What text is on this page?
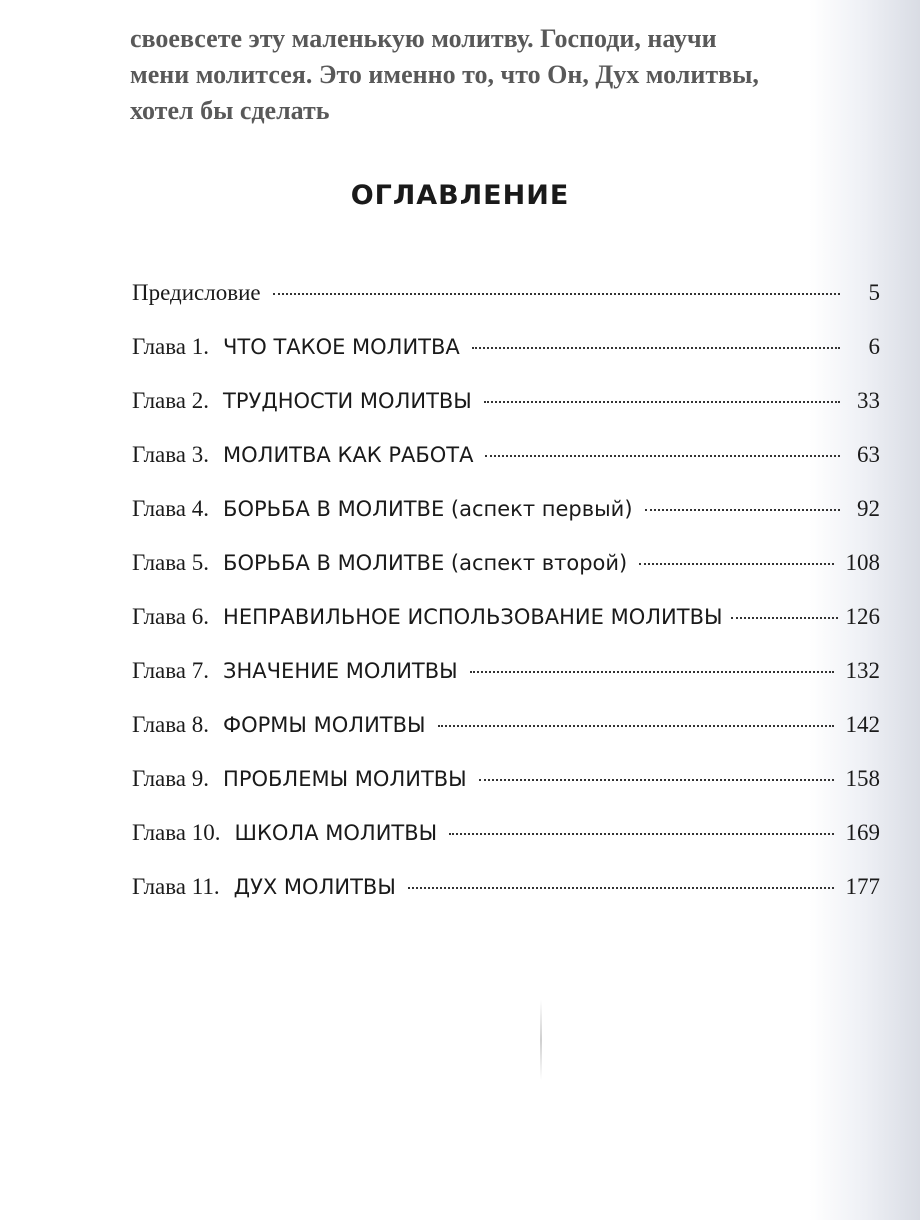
своевсете эту маленькую молитву. Господи, научи
мени молитсея. Это именно то, что Он, Дух молитвы,
хотел бы сделать
ОГЛАВЛЕНИЕ
Предисловие	5
Глава 1. ЧТО ТАКОЕ МОЛИТВА	6
Глава 2. ТРУДНОСТИ МОЛИТВЫ	33
Глава 3. МОЛИТВА КАК РАБОТА	63
Глава 4. БОРЬБА В МОЛИТВЕ (аспект первый)	92
Глава 5. БОРЬБА В МОЛИТВЕ (аспект второй)	108
Глава 6. НЕПРАВИЛЬНОЕ ИСПОЛЬЗОВАНИЕ МОЛИТВЫ	126
Глава 7. ЗНАЧЕНИЕ МОЛИТВЫ	132
Глава 8. ФОРМЫ МОЛИТВЫ	142
Глава 9. ПРОБЛЕМЫ МОЛИТВЫ	158
Глава 10. ШКОЛА МОЛИТВЫ	169
Глава 11. ДУХ МОЛИТВЫ	177
